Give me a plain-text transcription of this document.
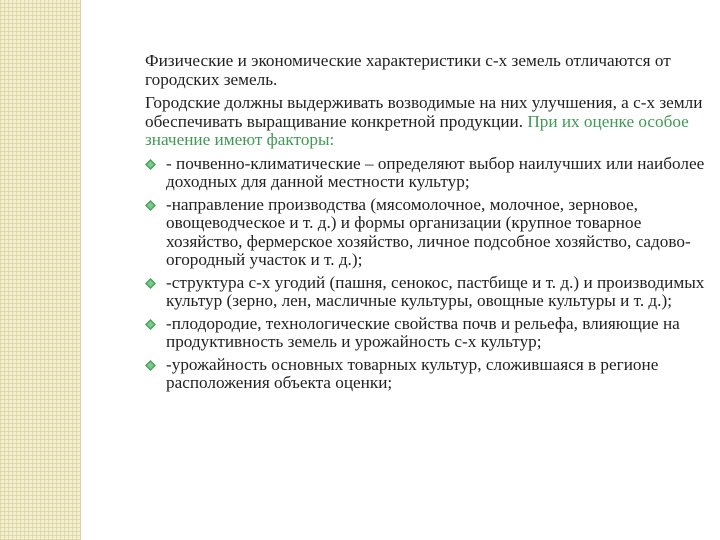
Физические и экономические характеристики с-х земель отличаются от городских земель.

Городские должны выдерживать возводимые на них улучшения, а с-х земли обеспечивать выращивание конкретной продукции. При их оценке особое значение имеют факторы:

- почвенно-климатические – определяют выбор наилучших или наиболее доходных для данной местности культур;
-направление производства (мясомолочное, молочное, зерновое, овощеводческое и т. д.) и формы организации (крупное товарное хозяйство, фермерское хозяйство, личное подсобное хозяйство, садово-огородный участок и т. д.);
-структура с-х угодий (пашня, сенокос, пастбище и т. д.) и производимых культур (зерно, лен, масличные культуры, овощные культуры и т. д.);
-плодородие, технологические свойства почв и рельефа, влияющие на продуктивность земель и урожайность с-х культур;
-урожайность основных товарных культур, сложившаяся в регионе расположения объекта оценки;
